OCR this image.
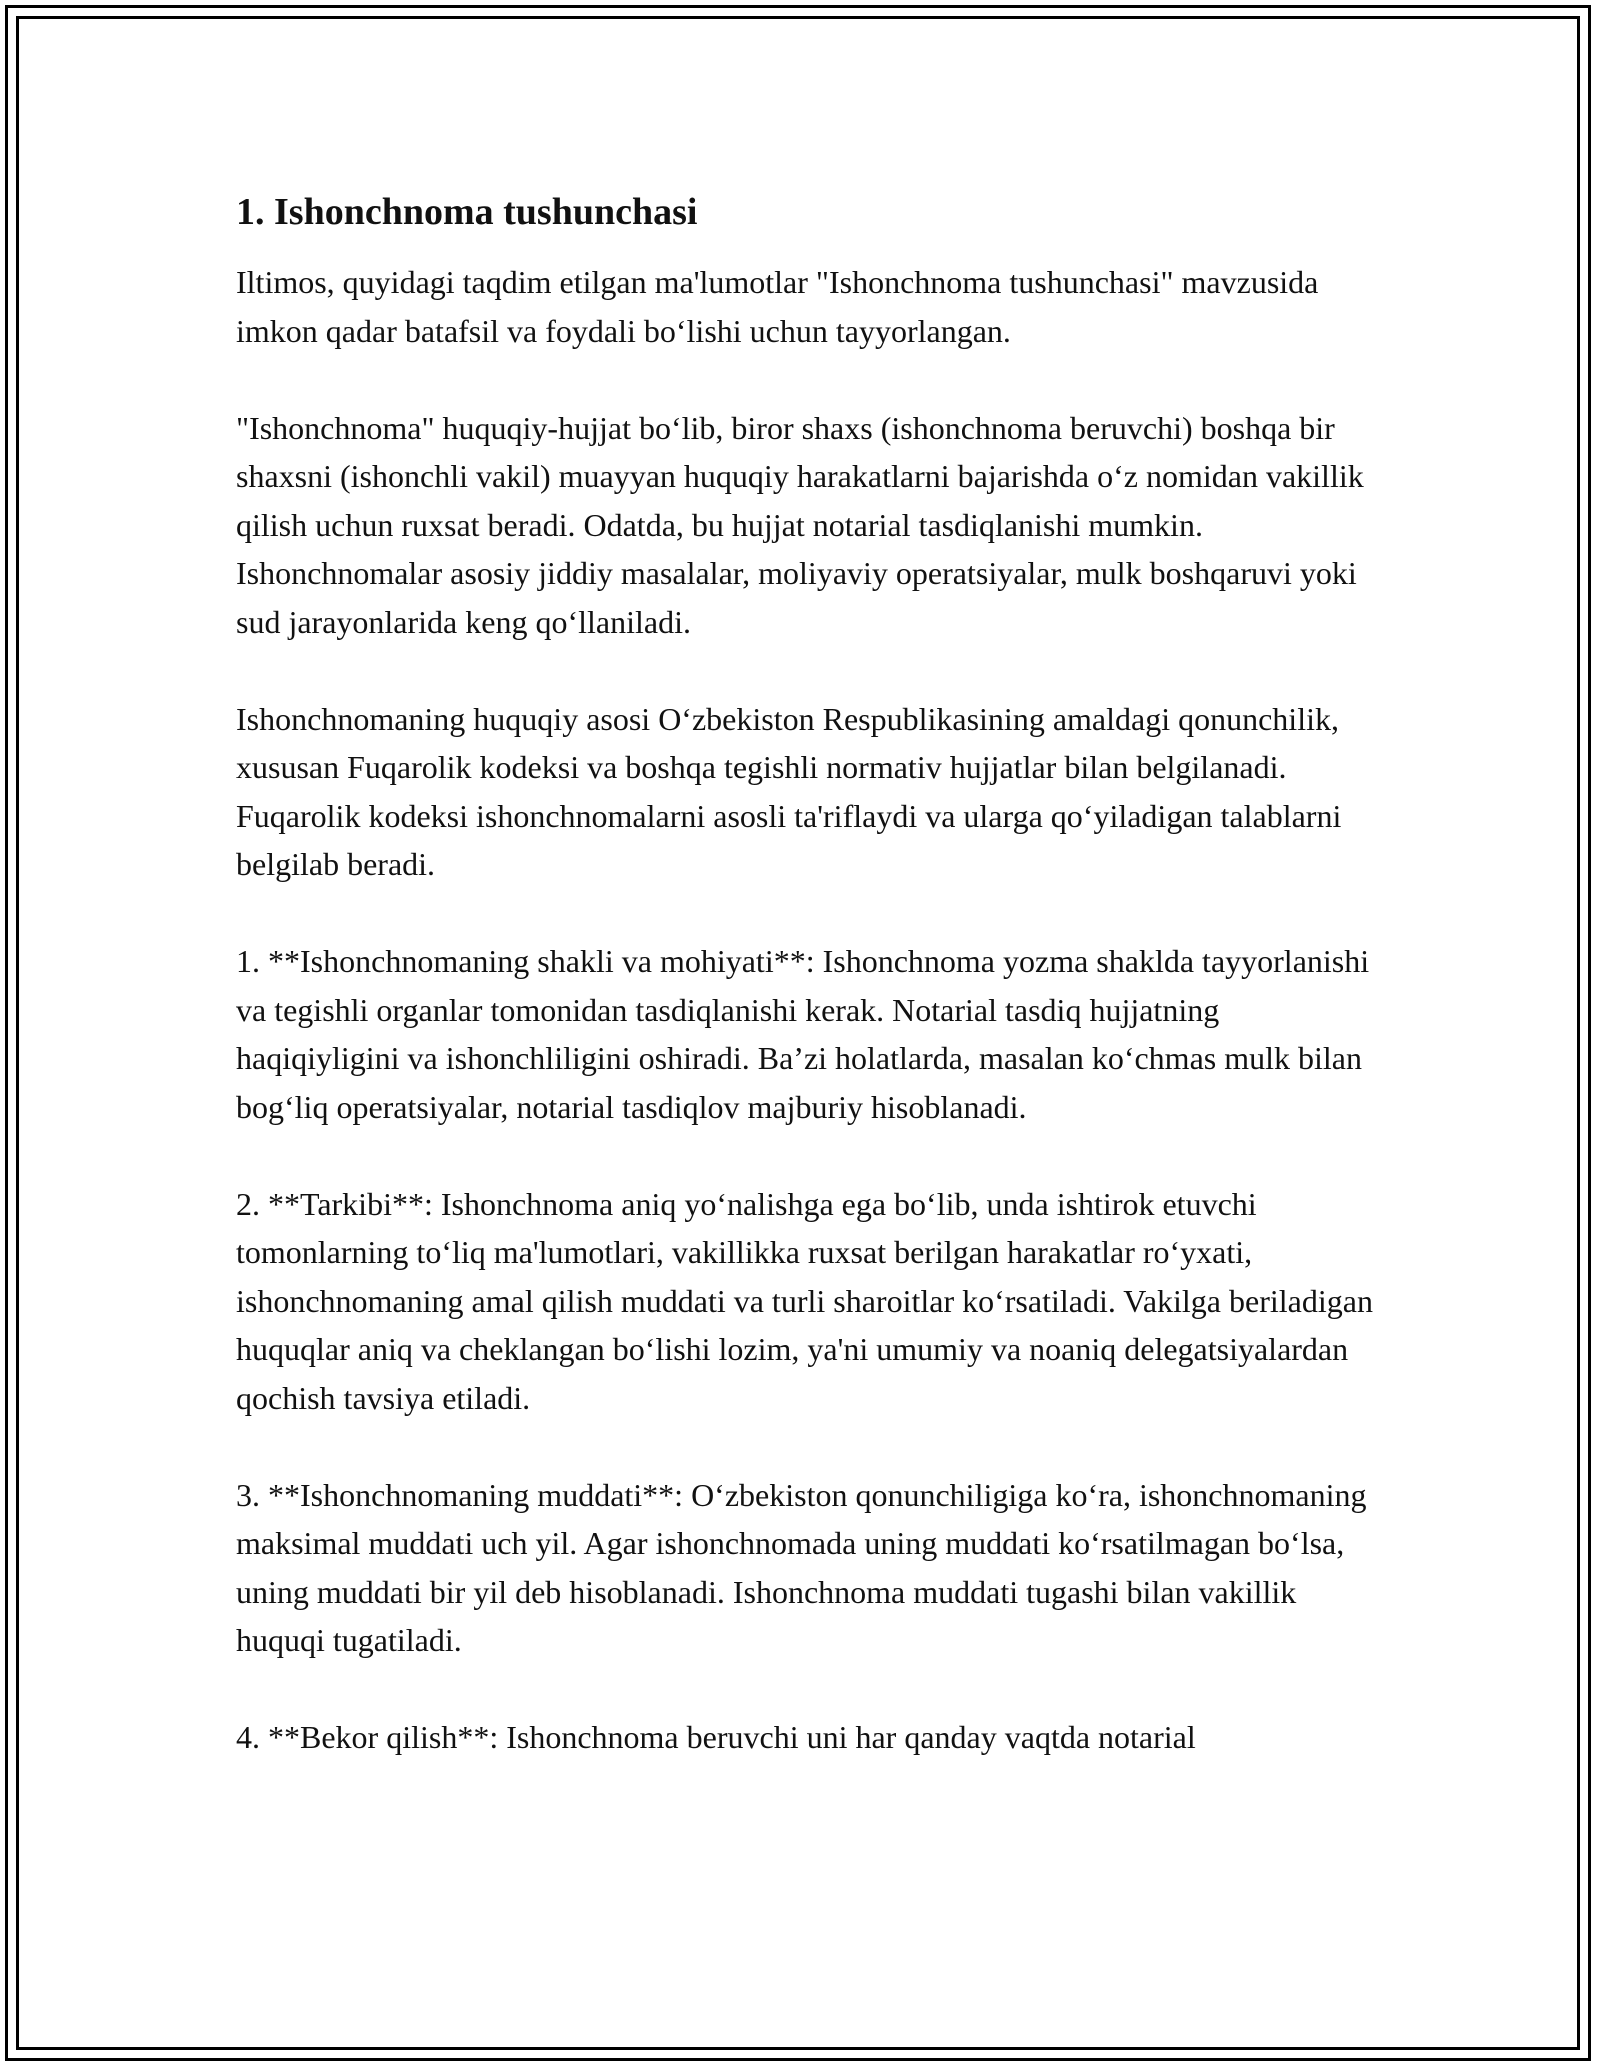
1. Ishonchnoma tushunchasi

Iltimos, quyidagi taqdim etilgan ma'lumotlar "Ishonchnoma tushunchasi" mavzusida imkon qadar batafsil va foydali bo‘lishi uchun tayyorlangan.

"Ishonchnoma" huquqiy-hujjat bo‘lib, biror shaxs (ishonchnoma beruvchi) boshqa bir shaxsni (ishonchli vakil) muayyan huquqiy harakatlarni bajarishda o‘z nomidan vakillik qilish uchun ruxsat beradi. Odatda, bu hujjat notarial tasdiqlanishi mumkin. Ishonchnomalar asosiy jiddiy masalalar, moliyaviy operatsiyalar, mulk boshqaruvi yoki sud jarayonlarida keng qo‘llaniladi.

Ishonchnomaning huquqiy asosi O‘zbekiston Respublikasining amaldagi qonunchilik, xususan Fuqarolik kodeksi va boshqa tegishli normativ hujjatlar bilan belgilanadi. Fuqarolik kodeksi ishonchnomalarni asosli ta'riflaydi va ularga qo‘yiladigan talablarni belgilab beradi.

1. **Ishonchnomaning shakli va mohiyati**: Ishonchnoma yozma shaklda tayyorlanishi va tegishli organlar tomonidan tasdiqlanishi kerak. Notarial tasdiq hujjatning haqiqiyligini va ishonchliligini oshiradi. Ba’zi holatlarda, masalan ko‘chmas mulk bilan bog‘liq operatsiyalar, notarial tasdiqlov majburiy hisoblanadi.

2. **Tarkibi**: Ishonchnoma aniq yo‘nalishga ega bo‘lib, unda ishtirok etuvchi tomonlarning to‘liq ma'lumotlari, vakillikka ruxsat berilgan harakatlar ro‘yxati, ishonchnomaning amal qilish muddati va turli sharoitlar ko‘rsatiladi. Vakilga beriladigan huquqlar aniq va cheklangan bo‘lishi lozim, ya'ni umumiy va noaniq delegatsiyalardan qochish tavsiya etiladi.

3. **Ishonchnomaning muddati**: O‘zbekiston qonunchiligiga ko‘ra, ishonchnomaning maksimal muddati uch yil. Agar ishonchnomada uning muddati ko‘rsatilmagan bo‘lsa, uning muddati bir yil deb hisoblanadi. Ishonchnoma muddati tugashi bilan vakillik huquqi tugatiladi.

4. **Bekor qilish**: Ishonchnoma beruvchi uni har qanday vaqtda notarial
